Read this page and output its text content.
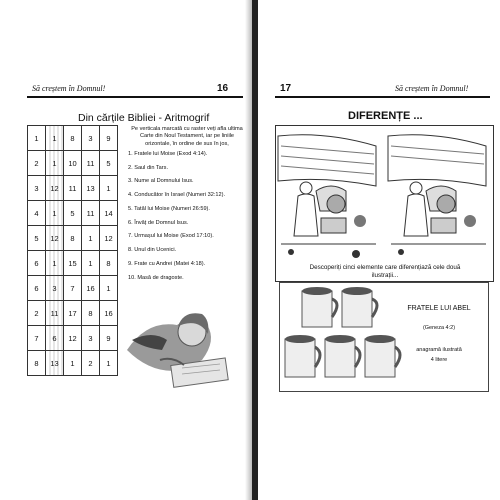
Să creștem în Domnul!	16
Din cărțile Bibliei - Aritmogrif
1	1	8	3	9
2	1	10	11	5
3	12	11	13	1
4	1	5	11	14
5	12	8	1	12
6	1	15	1	8
6	3	7	16	1
2	11	17	8	16
7	6	12	3	9
8	13	1	2	1
Pe verticala marcată cu raster veți afla ultima Carte din Noul Testament, iar pe liniile orizontale, în ordine de sus în jos,
1. Fratele lui Moise (Exod 4:14).
2. Saul din Tars.
3. Nume al Domnului Isus.
4. Conducător în Israel (Numeri 32:12).
5. Tatăl lui Moise (Numeri 26:59).
6. Învăț de Domnul Isus.
7. Urmașul lui Moise (Exod 17:10).
8. Unul din Ucenici.
9. Frate cu Andrei (Matei 4:18).
10. Masă de dragoste.
17	Să creștem în Domnul!
DIFERENȚE ...
Descoperiți cinci elemente care diferențiază cele două ilustrații...
FRATELE LUI ABEL
(Geneza 4:2)
anagramă ilustrată
4 litere
